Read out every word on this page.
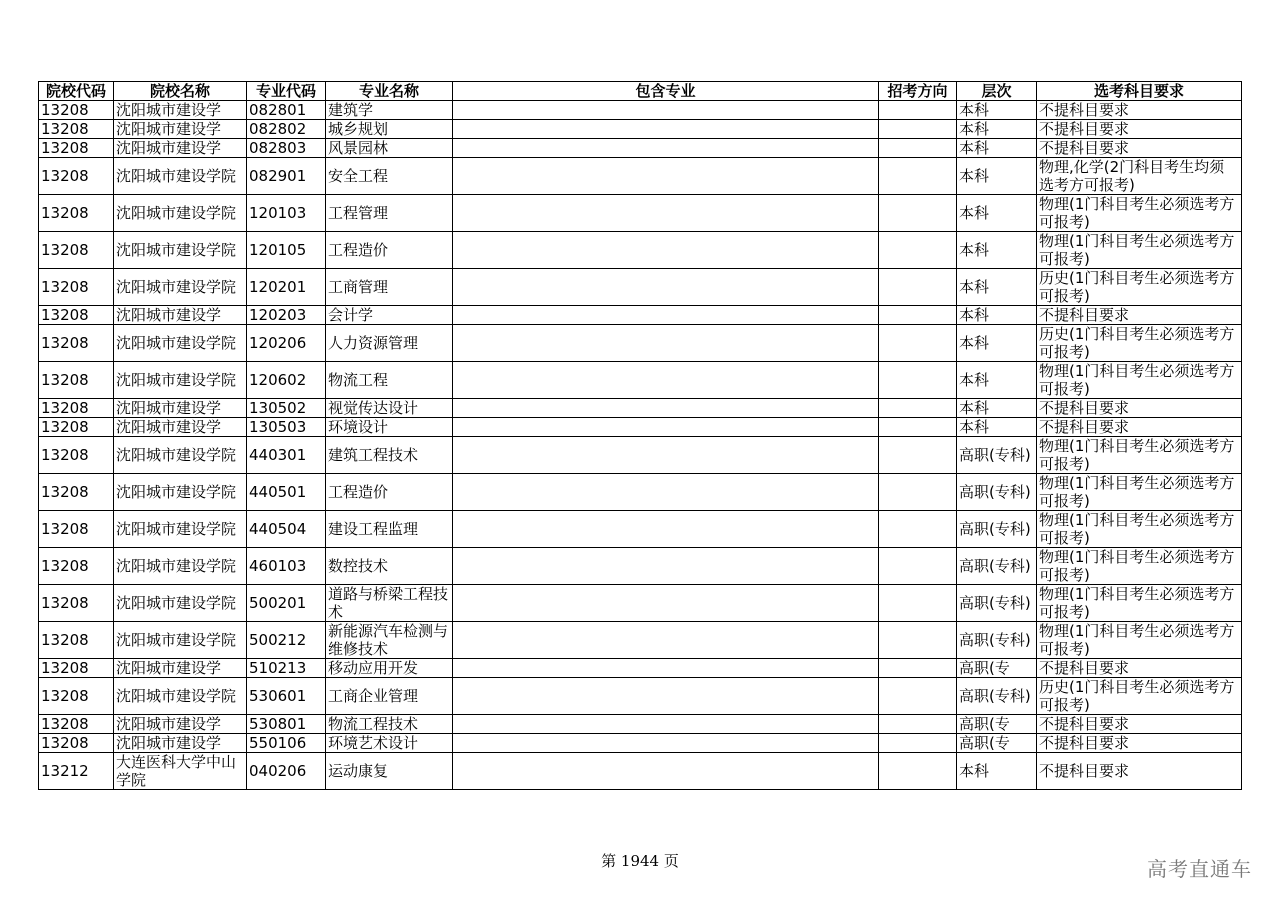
院校代码	院校名称	专业代码	专业名称	包含专业	招考方向	层次	选考科目要求

13208	沈阳城市建设学	082801	建筑学			本科	不提科目要求

13208	沈阳城市建设学	082802	城乡规划			本科	不提科目要求

13208	沈阳城市建设学	082803	风景园林			本科	不提科目要求

13208	沈阳城市建设学院	082901	安全工程			本科	物理,化学(2门科目考生均须选考方可报考)

13208	沈阳城市建设学院	120103	工程管理			本科	物理(1门科目考生必须选考方可报考)

13208	沈阳城市建设学院	120105	工程造价			本科	物理(1门科目考生必须选考方可报考)

13208	沈阳城市建设学院	120201	工商管理			本科	历史(1门科目考生必须选考方可报考)

13208	沈阳城市建设学	120203	会计学			本科	不提科目要求

13208	沈阳城市建设学院	120206	人力资源管理			本科	历史(1门科目考生必须选考方可报考)

13208	沈阳城市建设学院	120602	物流工程			本科	物理(1门科目考生必须选考方可报考)

13208	沈阳城市建设学	130502	视觉传达设计			本科	不提科目要求

13208	沈阳城市建设学	130503	环境设计			本科	不提科目要求

13208	沈阳城市建设学院	440301	建筑工程技术			高职(专科)	物理(1门科目考生必须选考方可报考)

13208	沈阳城市建设学院	440501	工程造价			高职(专科)	物理(1门科目考生必须选考方可报考)

13208	沈阳城市建设学院	440504	建设工程监理			高职(专科)	物理(1门科目考生必须选考方可报考)

13208	沈阳城市建设学院	460103	数控技术			高职(专科)	物理(1门科目考生必须选考方可报考)

13208	沈阳城市建设学院	500201	道路与桥梁工程技术			高职(专科)	物理(1门科目考生必须选考方可报考)

13208	沈阳城市建设学院	500212	新能源汽车检测与维修技术			高职(专科)	物理(1门科目考生必须选考方可报考)

13208	沈阳城市建设学	510213	移动应用开发			高职(专	不提科目要求

13208	沈阳城市建设学院	530601	工商企业管理			高职(专科)	历史(1门科目考生必须选考方可报考)

13208	沈阳城市建设学	530801	物流工程技术			高职(专	不提科目要求

13208	沈阳城市建设学	550106	环境艺术设计			高职(专	不提科目要求

13212	大连医科大学中山学院	040206	运动康复			本科	不提科目要求
第 1944 页	高考直通车
